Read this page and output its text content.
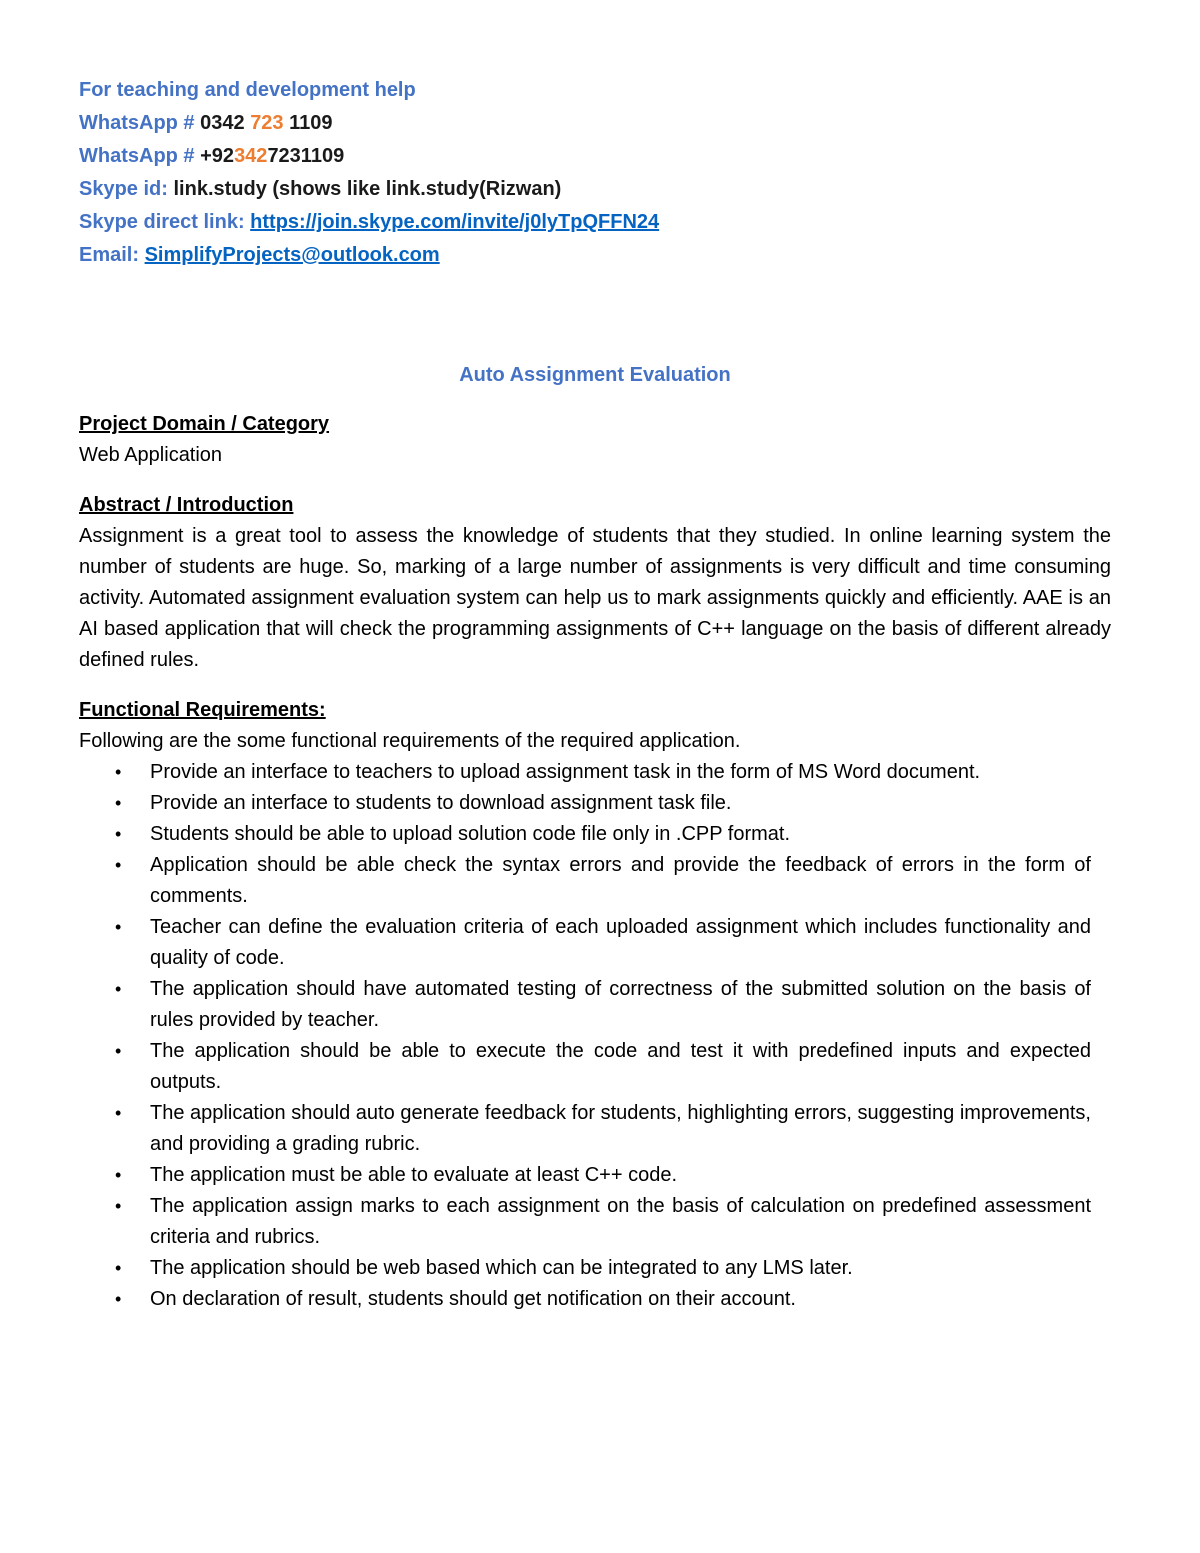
For teaching and development help
WhatsApp # 0342 723 1109
WhatsApp # +923427231109
Skype id: link.study (shows like link.study(Rizwan)
Skype direct link: https://join.skype.com/invite/j0lyTpQFFN24
Email: SimplifyProjects@outlook.com
Auto Assignment Evaluation
Project Domain / Category
Web Application
Abstract / Introduction
Assignment is a great tool to assess the knowledge of students that they studied. In online learning system the number of students are huge. So, marking of a large number of assignments is very difficult and time consuming activity. Automated assignment evaluation system can help us to mark assignments quickly and efficiently. AAE is an AI based application that will check the programming assignments of C++ language on the basis of different already defined rules.
Functional Requirements:
Following are the some functional requirements of the required application.
• Provide an interface to teachers to upload assignment task in the form of MS Word document.
• Provide an interface to students to download assignment task file.
• Students should be able to upload solution code file only in .CPP format.
• Application should be able check the syntax errors and provide the feedback of errors in the form of comments.
• Teacher can define the evaluation criteria of each uploaded assignment which includes functionality and quality of code.
• The application should have automated testing of correctness of the submitted solution on the basis of rules provided by teacher.
• The application should be able to execute the code and test it with predefined inputs and expected outputs.
• The application should auto generate feedback for students, highlighting errors, suggesting improvements, and providing a grading rubric.
• The application must be able to evaluate at least C++ code.
• The application assign marks to each assignment on the basis of calculation on predefined assessment criteria and rubrics.
• The application should be web based which can be integrated to any LMS later.
• On declaration of result, students should get notification on their account.
